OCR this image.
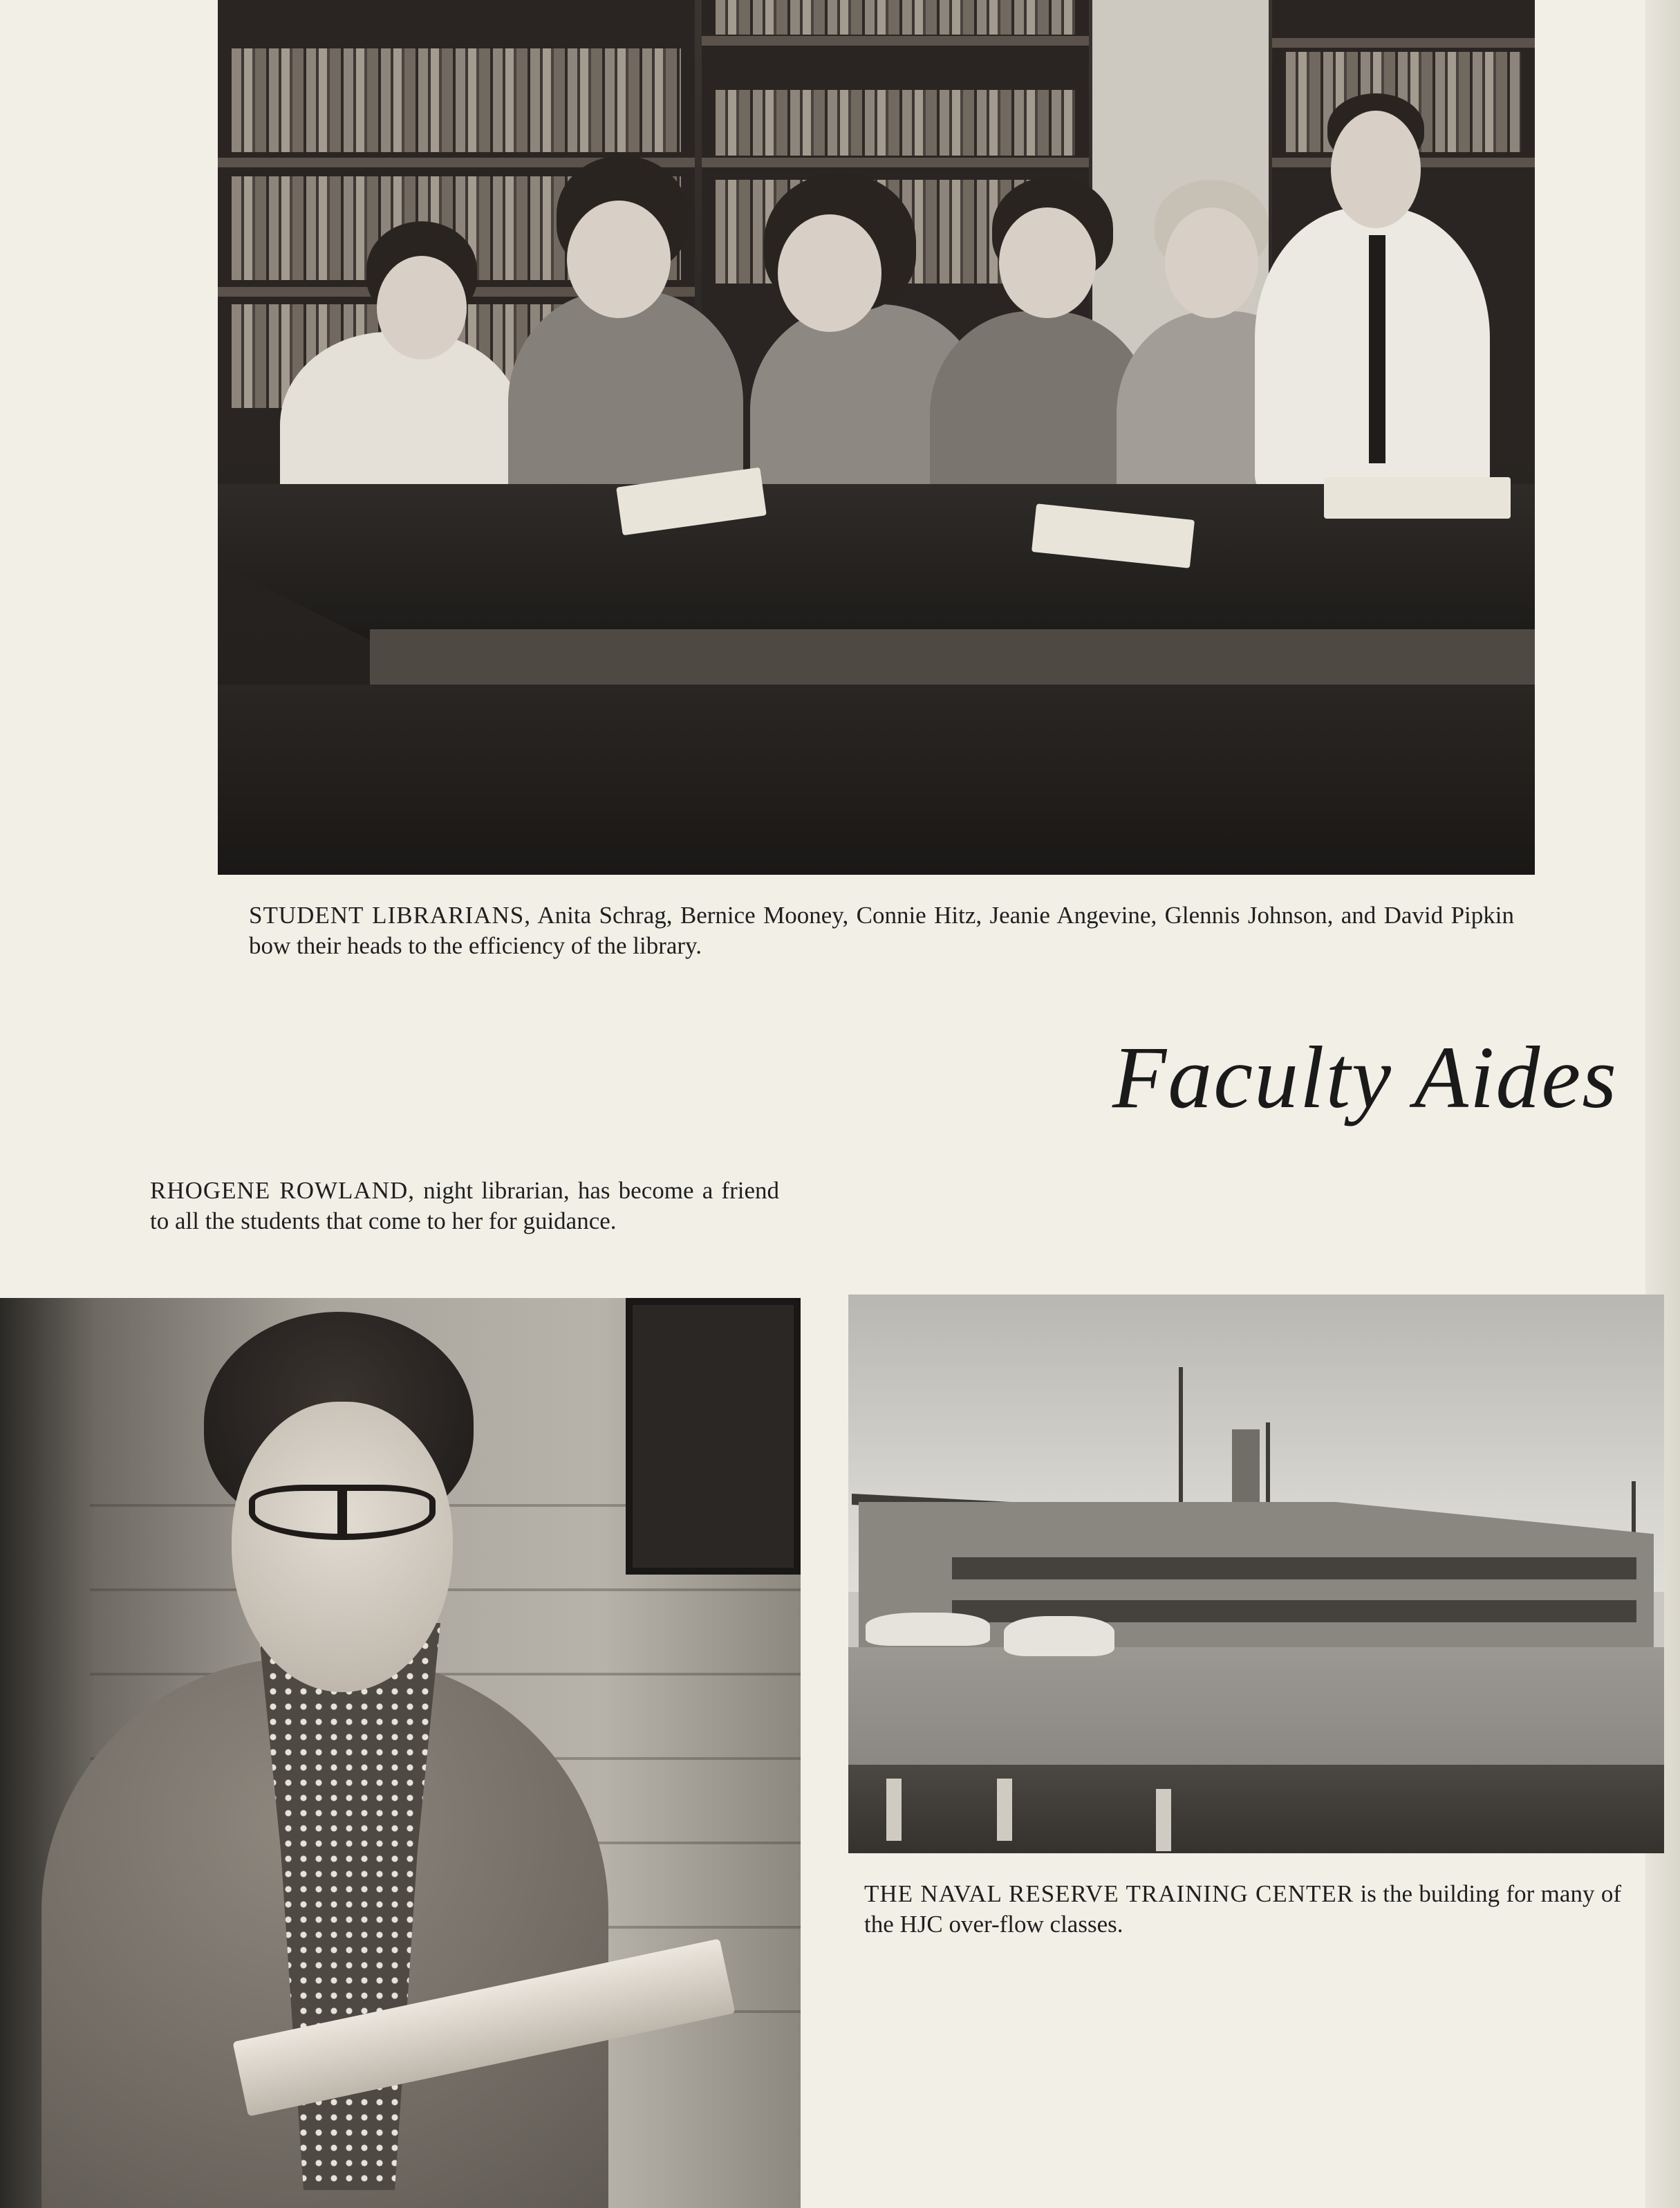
STUDENT LIBRARIANS, Anita Schrag, Bernice Mooney, Connie Hitz, Jeanie Angevine, Glennis Johnson, and David Pipkin bow their heads to the efficiency of the library.

Faculty Aides

RHOGENE ROWLAND, night librarian, has become a friend to all the students that come to her for guidance.

THE NAVAL RESERVE TRAINING CENTER is the building for many of the HJC over-flow classes.
